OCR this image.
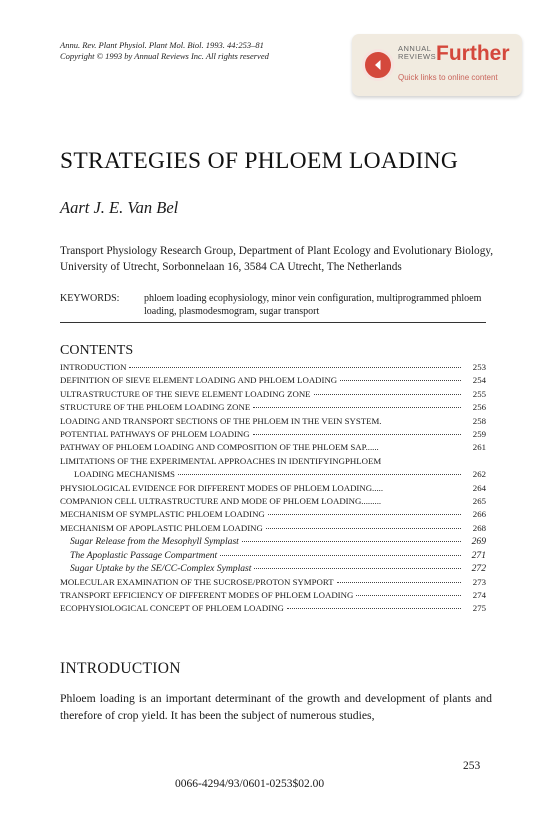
Annu. Rev. Plant Physiol. Plant Mol. Biol. 1993. 44:253–81
Copyright © 1993 by Annual Reviews Inc. All rights reserved
ANNUAL
REVIEWS Further
Quick links to online content
STRATEGIES OF PHLOEM LOADING
Aart J. E. Van Bel
Transport Physiology Research Group, Department of Plant Ecology and Evolutionary Biology, University of Utrecht, Sorbonnelaan 16, 3584 CA Utrecht, The Netherlands
KEYWORDS: phloem loading ecophysiology, minor vein configuration, multiprogrammed phloem loading, plasmodesmogram, sugar transport
CONTENTS
INTRODUCTION	253
DEFINITION OF SIEVE ELEMENT LOADING AND PHLOEM LOADING	254
ULTRASTRUCTURE OF THE SIEVE ELEMENT LOADING ZONE	255
STRUCTURE OF THE PHLOEM LOADING ZONE	256
LOADING AND TRANSPORT SECTIONS OF THE PHLOEM IN THE VEIN SYSTEM.	258
POTENTIAL PATHWAYS OF PHLOEM LOADING	259
PATHWAY OF PHLOEM LOADING AND COMPOSITION OF THE PHLOEM SAP......	261
LIMITATIONS OF THE EXPERIMENTAL APPROACHES IN IDENTIFYINGPHLOEM
LOADING MECHANISMS	262
PHYSIOLOGICAL EVIDENCE FOR DIFFERENT MODES OF PHLOEM LOADING.....	264
COMPANION CELL ULTRASTRUCTURE AND MODE OF PHLOEM LOADING.........	265
MECHANISM OF SYMPLASTIC PHLOEM LOADING	266
MECHANISM OF APOPLASTIC PHLOEM LOADING	268
Sugar Release from the Mesophyll Symplast	269
The Apoplastic Passage Compartment	271
Sugar Uptake by the SE/CC-Complex Symplast	272
MOLECULAR EXAMINATION OF THE SUCROSE/PROTON SYMPORT	273
TRANSPORT EFFICIENCY OF DIFFERENT MODES OF PHLOEM LOADING	274
ECOPHYSIOLOGICAL CONCEPT OF PHLOEM LOADING	275
INTRODUCTION
Phloem loading is an important determinant of the growth and development of plants and therefore of crop yield. It has been the subject of numerous studies,
253
0066-4294/93/0601-0253$02.00
